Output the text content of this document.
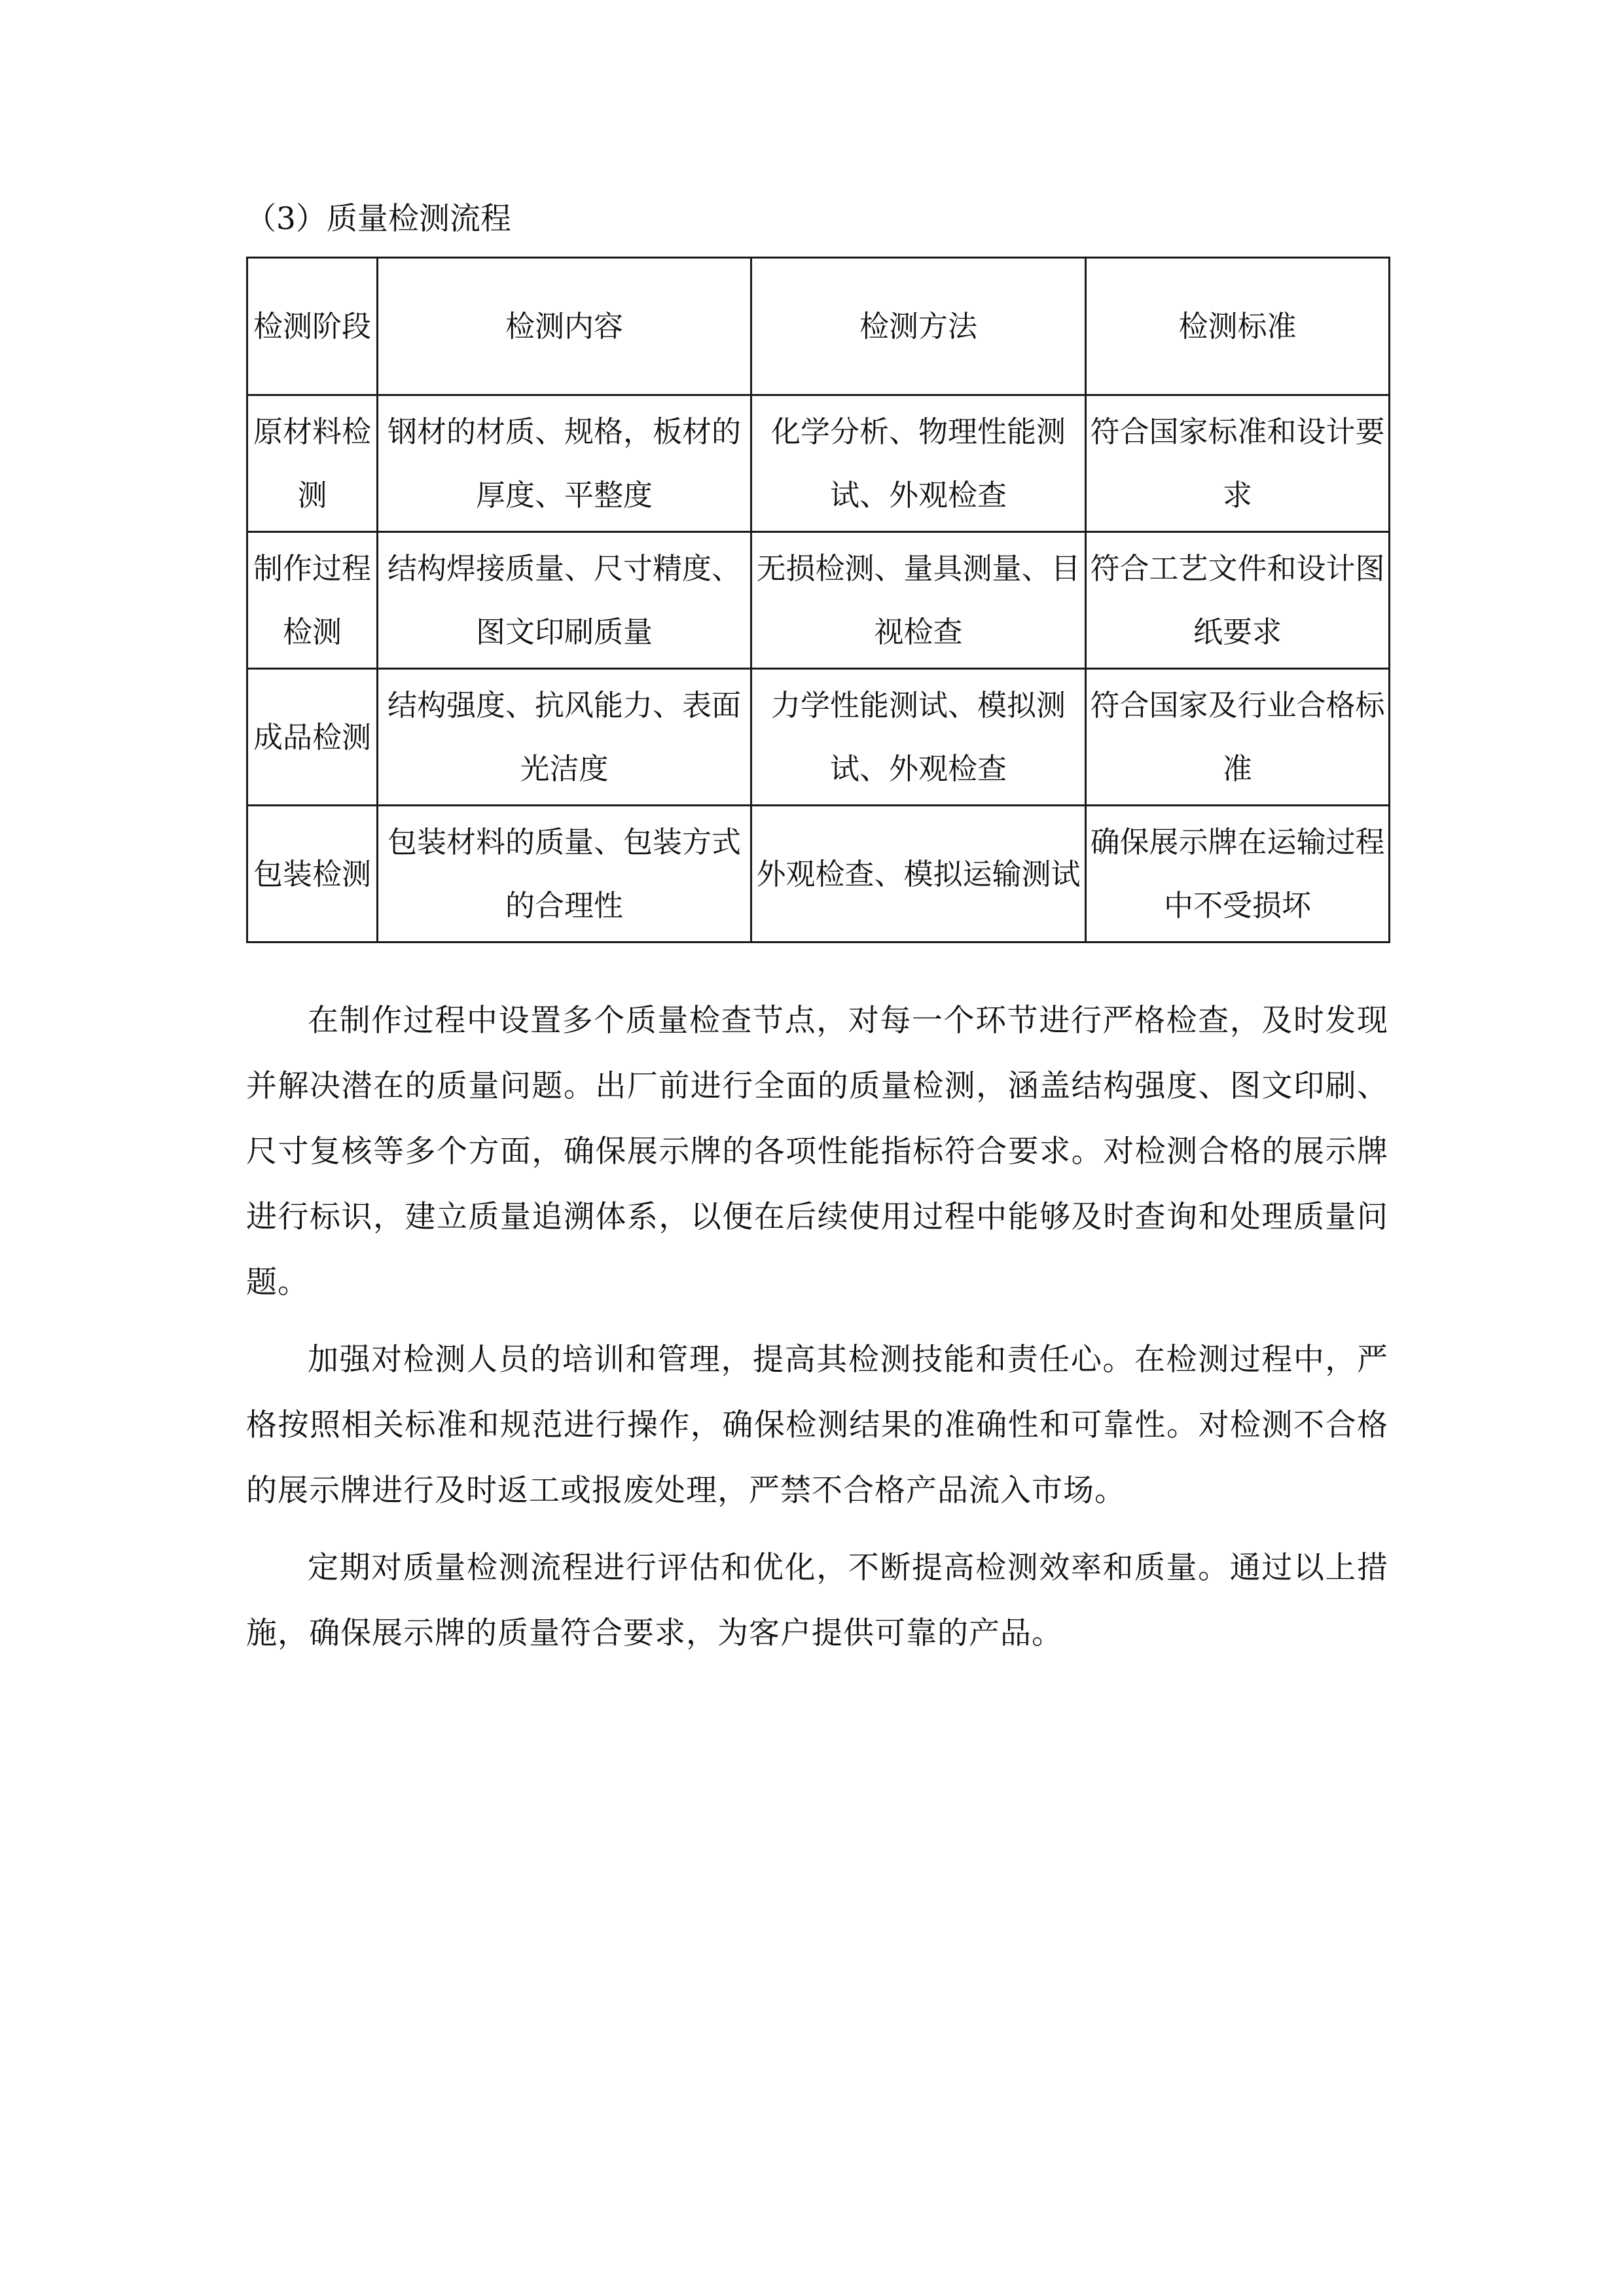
（3）质量检测流程
检测阶段	检测内容	检测方法	检测标准
原材料检测	钢材的材质、规格，板材的厚度、平整度	化学分析、物理性能测试、外观检查	符合国家标准和设计要求
制作过程检测	结构焊接质量、尺寸精度、图文印刷质量	无损检测、量具测量、目视检查	符合工艺文件和设计图纸要求
成品检测	结构强度、抗风能力、表面光洁度	力学性能测试、模拟测试、外观检查	符合国家及行业合格标准
包装检测	包装材料的质量、包装方式的合理性	外观检查、模拟运输测试	确保展示牌在运输过程中不受损坏

在制作过程中设置多个质量检查节点，对每一个环节进行严格检查，及时发现并解决潜在的质量问题。出厂前进行全面的质量检测，涵盖结构强度、图文印刷、尺寸复核等多个方面，确保展示牌的各项性能指标符合要求。对检测合格的展示牌进行标识，建立质量追溯体系，以便在后续使用过程中能够及时查询和处理质量问题。

加强对检测人员的培训和管理，提高其检测技能和责任心。在检测过程中，严格按照相关标准和规范进行操作，确保检测结果的准确性和可靠性。对检测不合格的展示牌进行及时返工或报废处理，严禁不合格产品流入市场。

定期对质量检测流程进行评估和优化，不断提高检测效率和质量。通过以上措施，确保展示牌的质量符合要求，为客户提供可靠的产品。
